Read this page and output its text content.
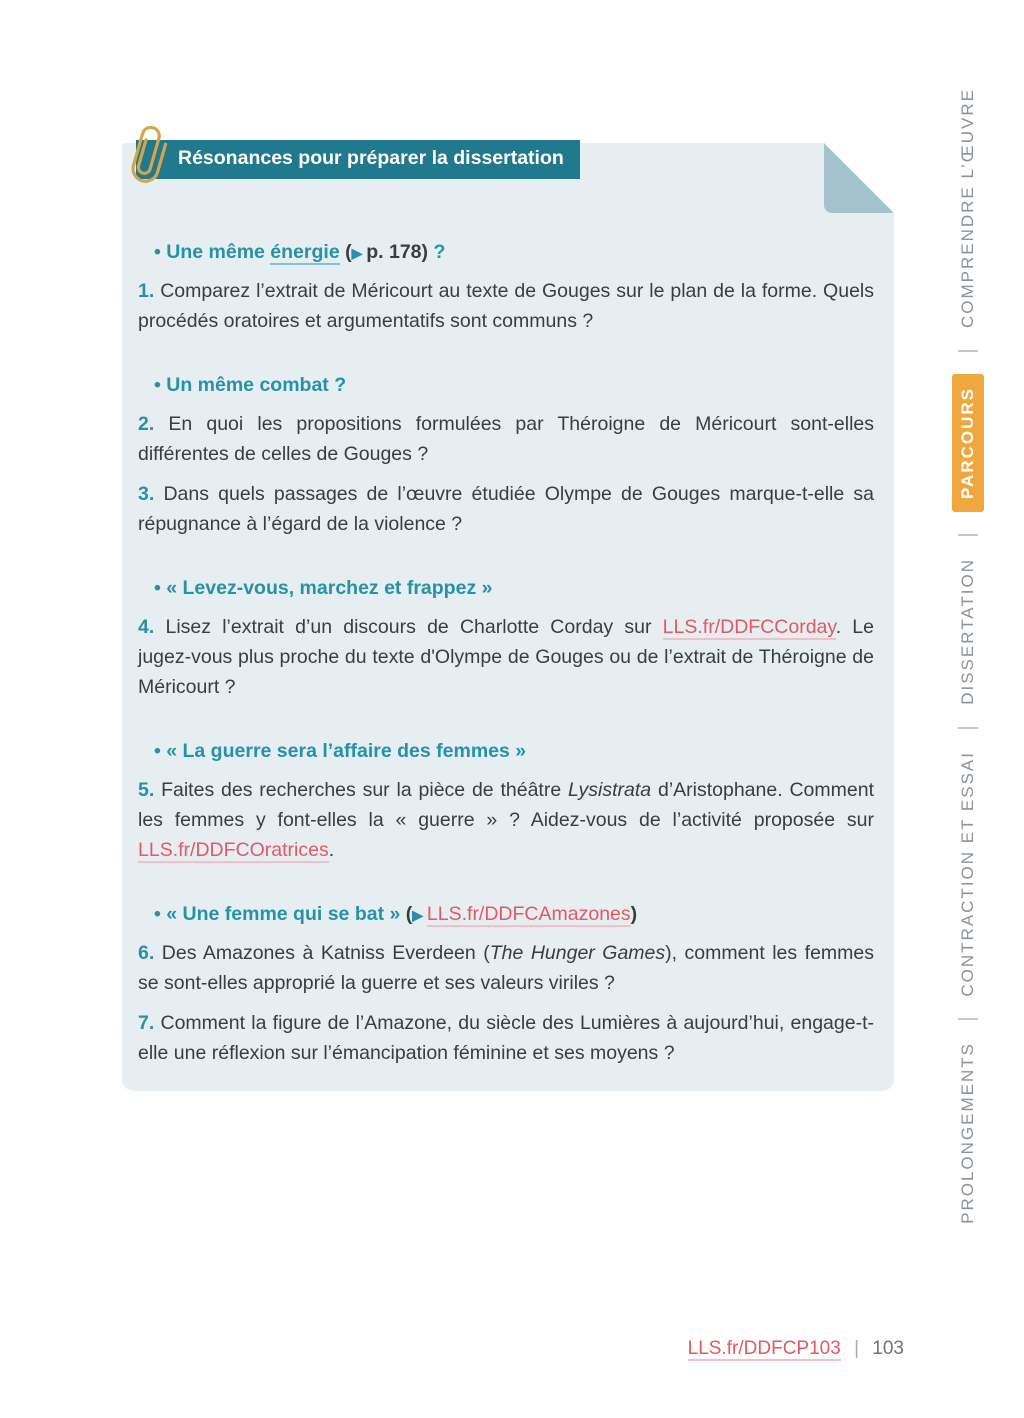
Résonances pour préparer la dissertation

• Une même énergie (▶ p. 178) ?

1. Comparez l’extrait de Méricourt au texte de Gouges sur le plan de la forme. Quels procédés oratoires et argumentatifs sont communs ?

• Un même combat ?

2. En quoi les propositions formulées par Théroigne de Méricourt sont-elles différentes de celles de Gouges ?

3. Dans quels passages de l’œuvre étudiée Olympe de Gouges marque-t-elle sa répugnance à l’égard de la violence ?

• « Levez-vous, marchez et frappez »

4. Lisez l’extrait d’un discours de Charlotte Corday sur LLS.fr/DDFCCorday. Le jugez-vous plus proche du texte d'Olympe de Gouges ou de l’extrait de Théroigne de Méricourt ?

• « La guerre sera l’affaire des femmes »

5. Faites des recherches sur la pièce de théâtre Lysistrata d’Aristophane. Comment les femmes y font-elles la « guerre » ? Aidez-vous de l’activité proposée sur LLS.fr/DDFCOratrices.

• « Une femme qui se bat » (▶ LLS.fr/DDFCAmazones)

6. Des Amazones à Katniss Everdeen (The Hunger Games), comment les femmes se sont-elles approprié la guerre et ses valeurs viriles ?

7. Comment la figure de l’Amazone, du siècle des Lumières à aujourd’hui, engage-t-elle une réflexion sur l’émancipation féminine et ses moyens ?

COMPRENDRE L’ŒUVRE
PARCOURS
DISSERTATION
CONTRACTION ET ESSAI
PROLONGEMENTS
LLS.fr/DDFCP103 | 103
